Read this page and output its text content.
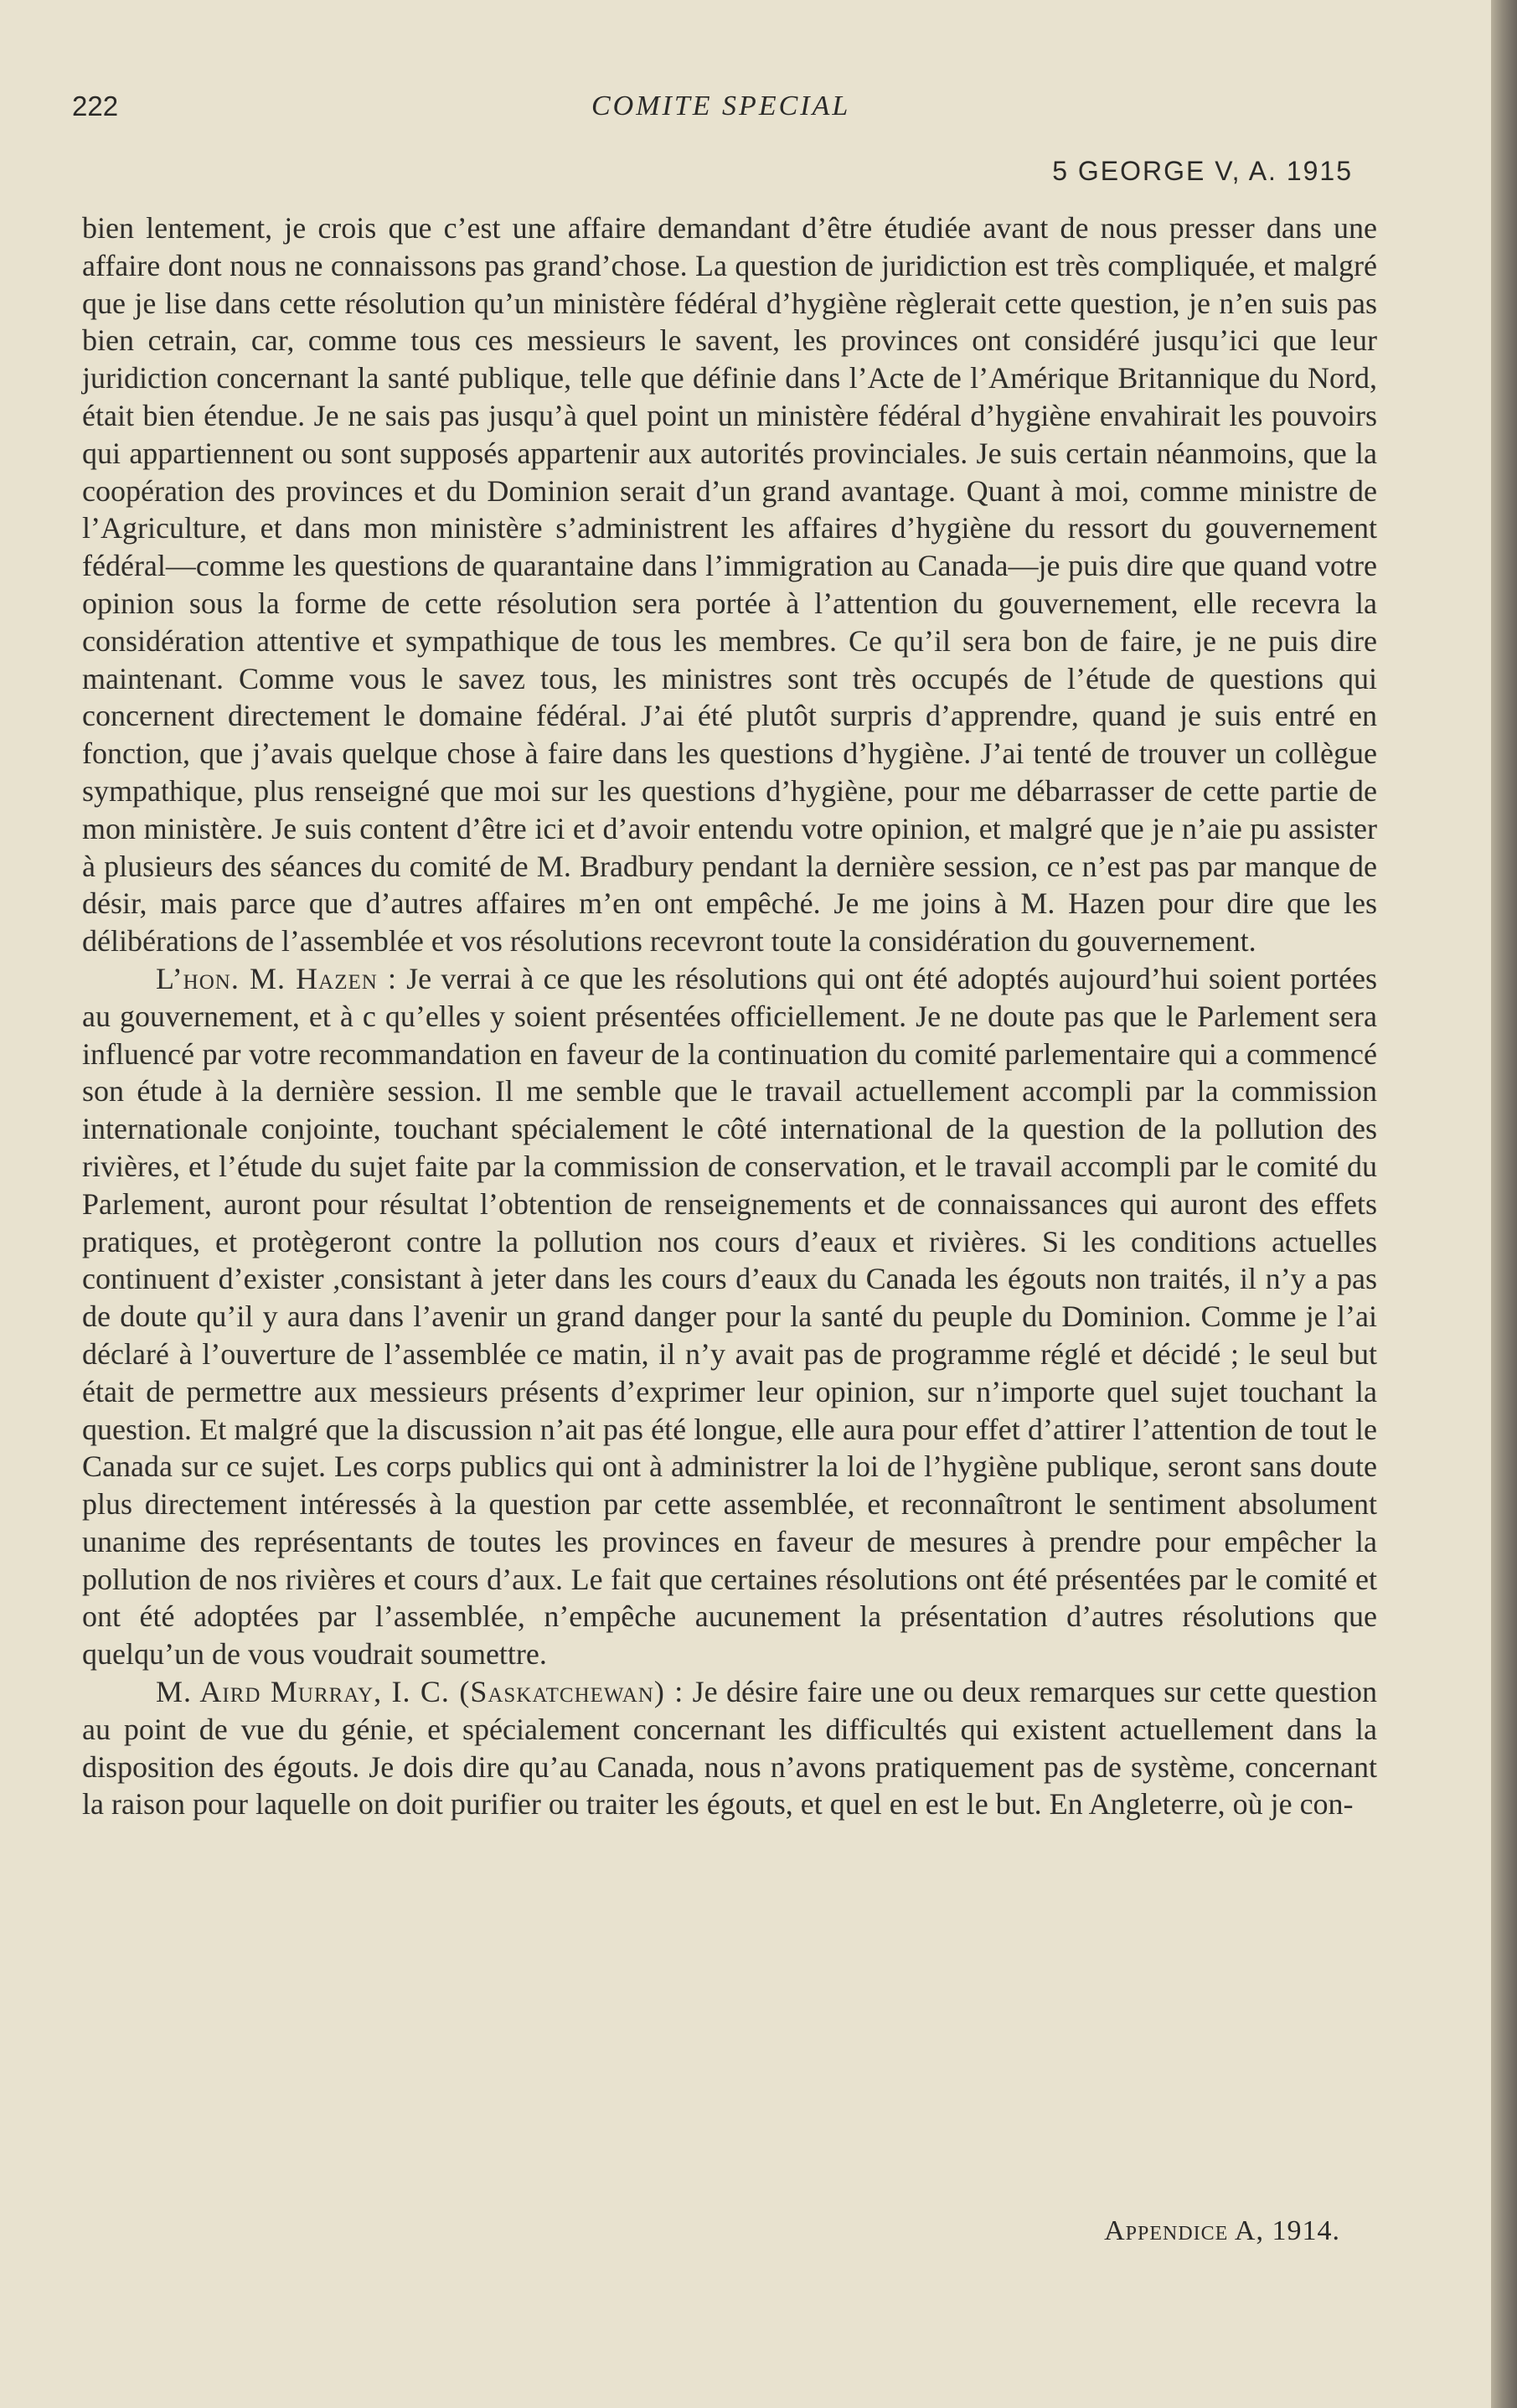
222	COMITE SPECIAL
5 GEORGE V, A. 1915

bien lentement, je crois que c’est une affaire demandant d’être étudiée avant de nous presser dans une affaire dont nous ne connaissons pas grand’chose. La question de juridiction est très compliquée, et malgré que je lise dans cette résolution qu’un ministère fédéral d’hygiène règlerait cette question, je n’en suis pas bien cetrain, car, comme tous ces messieurs le savent, les provinces ont considéré jusqu’ici que leur juridiction concernant la santé publique, telle que définie dans l’Acte de l’Amérique Britannique du Nord, était bien étendue. Je ne sais pas jusqu’à quel point un ministère fédéral d’hygiène envahirait les pouvoirs qui appartiennent ou sont supposés appartenir aux autorités provinciales. Je suis certain néanmoins, que la coopération des provinces et du Dominion serait d’un grand avantage. Quant à moi, comme ministre de l’Agriculture, et dans mon ministère s’administrent les affaires d’hygiène du ressort du gouvernement fédéral—comme les questions de quarantaine dans l’immigration au Canada—je puis dire que quand votre opinion sous la forme de cette résolution sera portée à l’attention du gouvernement, elle recevra la considération attentive et sympathique de tous les membres. Ce qu’il sera bon de faire, je ne puis dire maintenant. Comme vous le savez tous, les ministres sont très occupés de l’étude de questions qui concernent directement le domaine fédéral. J’ai été plutôt surpris d’apprendre, quand je suis entré en fonction, que j’avais quelque chose à faire dans les questions d’hygiène. J’ai tenté de trouver un collègue sympathique, plus renseigné que moi sur les questions d’hygiène, pour me débarrasser de cette partie de mon ministère. Je suis content d’être ici et d’avoir entendu votre opinion, et malgré que je n’aie pu assister à plusieurs des séances du comité de M. Bradbury pendant la dernière session, ce n’est pas par manque de désir, mais parce que d’autres affaires m’en ont empêché. Je me joins à M. Hazen pour dire que les délibérations de l’assemblée et vos résolutions recevront toute la considération du gouvernement.

L’hon. M. Hazen : Je verrai à ce que les résolutions qui ont été adoptés aujourd’hui soient portées au gouvernement, et à c qu’elles y soient présentées officiellement. Je ne doute pas que le Parlement sera influencé par votre recommandation en faveur de la continuation du comité parlementaire qui a commencé son étude à la dernière session. Il me semble que le travail actuellement accompli par la commission internationale conjointe, touchant spécialement le côté international de la question de la pollution des rivières, et l’étude du sujet faite par la commission de conservation, et le travail accompli par le comité du Parlement, auront pour résultat l’obtention de renseignements et de connaissances qui auront des effets pratiques, et protègeront contre la pollution nos cours d’eaux et rivières. Si les conditions actuelles continuent d’exister ,consistant à jeter dans les cours d’eaux du Canada les égouts non traités, il n’y a pas de doute qu’il y aura dans l’avenir un grand danger pour la santé du peuple du Dominion. Comme je l’ai déclaré à l’ouverture de l’assemblée ce matin, il n’y avait pas de programme réglé et décidé ; le seul but était de permettre aux messieurs présents d’exprimer leur opinion, sur n’importe quel sujet touchant la question. Et malgré que la discussion n’ait pas été longue, elle aura pour effet d’attirer l’attention de tout le Canada sur ce sujet. Les corps publics qui ont à administrer la loi de l’hygiène publique, seront sans doute plus directement intéressés à la question par cette assemblée, et reconnaîtront le sentiment absolument unanime des représentants de toutes les provinces en faveur de mesures à prendre pour empêcher la pollution de nos rivières et cours d’aux. Le fait que certaines résolutions ont été présentées par le comité et ont été adoptées par l’assemblée, n’empêche aucunement la présentation d’autres résolutions que quelqu’un de vous voudrait soumettre.

M. Aird Murray, I. C. (Saskatchewan) : Je désire faire une ou deux remarques sur cette question au point de vue du génie, et spécialement concernant les difficultés qui existent actuellement dans la disposition des égouts. Je dois dire qu’au Canada, nous n’avons pratiquement pas de système, concernant la raison pour laquelle on doit purifier ou traiter les égouts, et quel en est le but. En Angleterre, où je con-

Appendice A, 1914.
